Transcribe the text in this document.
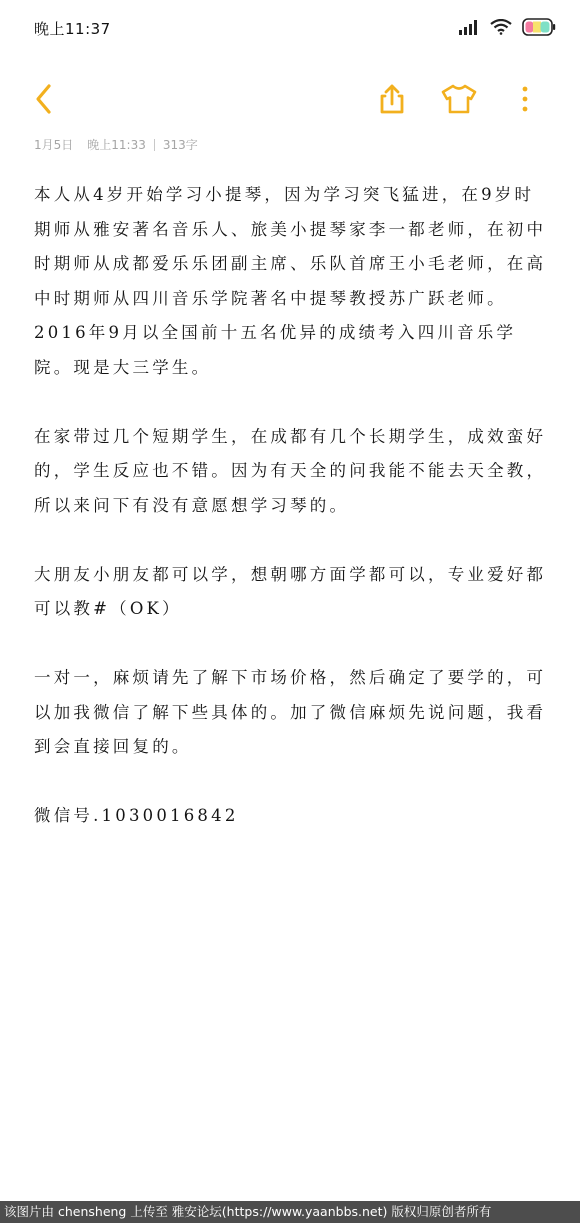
晚上11:37
1月5日 晚上11:33 313字

本人从4岁开始学习小提琴，因为学习突飞猛进，在9岁时期师从雅安著名音乐人、旅美小提琴家李一都老师，在初中时期师从成都爱乐乐团副主席、乐队首席王小毛老师，在高中时期师从四川音乐学院著名中提琴教授苏广跃老师。2016年9月以全国前十五名优异的成绩考入四川音乐学院。现是大三学生。

在家带过几个短期学生，在成都有几个长期学生，成效蛮好的，学生反应也不错。因为有天全的问我能不能去天全教，所以来问下有没有意愿想学习琴的。

大朋友小朋友都可以学，想朝哪方面学都可以，专业爱好都可以教#（OK）

一对一，麻烦请先了解下市场价格，然后确定了要学的，可以加我微信了解下些具体的。加了微信麻烦先说问题，我看到会直接回复的。

微信号.1030016842

该图片由 chensheng 上传至 雅安论坛(https://www.yaanbbs.net) 版权归原创者所有
